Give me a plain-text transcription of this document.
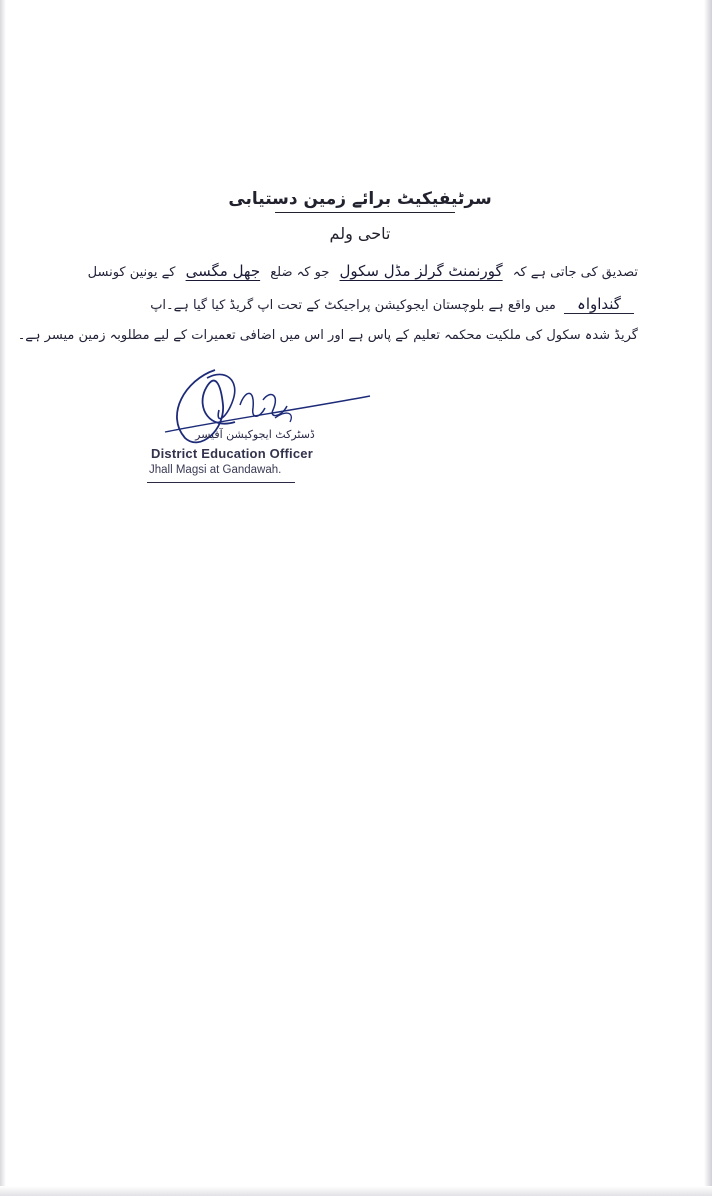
سرٹیفیکیٹ برائے زمین دستیابی
تاحی ولم
تصدیق کی جاتی ہے کہ گورنمنٹ گرلز مڈل سکول جو کہ ضلع جھل مگسی کے یونین کونسل
گنداواہ میں واقع ہے بلوچستان ایجوکیشن پراجیکٹ کے تحت اپ گریڈ کیا گیا ہے۔اپ
گریڈ شدہ سکول کی ملکیت محکمہ تعلیم کے پاس ہے اور اس میں اضافی تعمیرات کے لیے مطلوبہ زمین میسر ہے۔
ڈسٹرکٹ ایجوکیشن آفیسر
District Education Officer
Jhall Magsi at Gandawah.
